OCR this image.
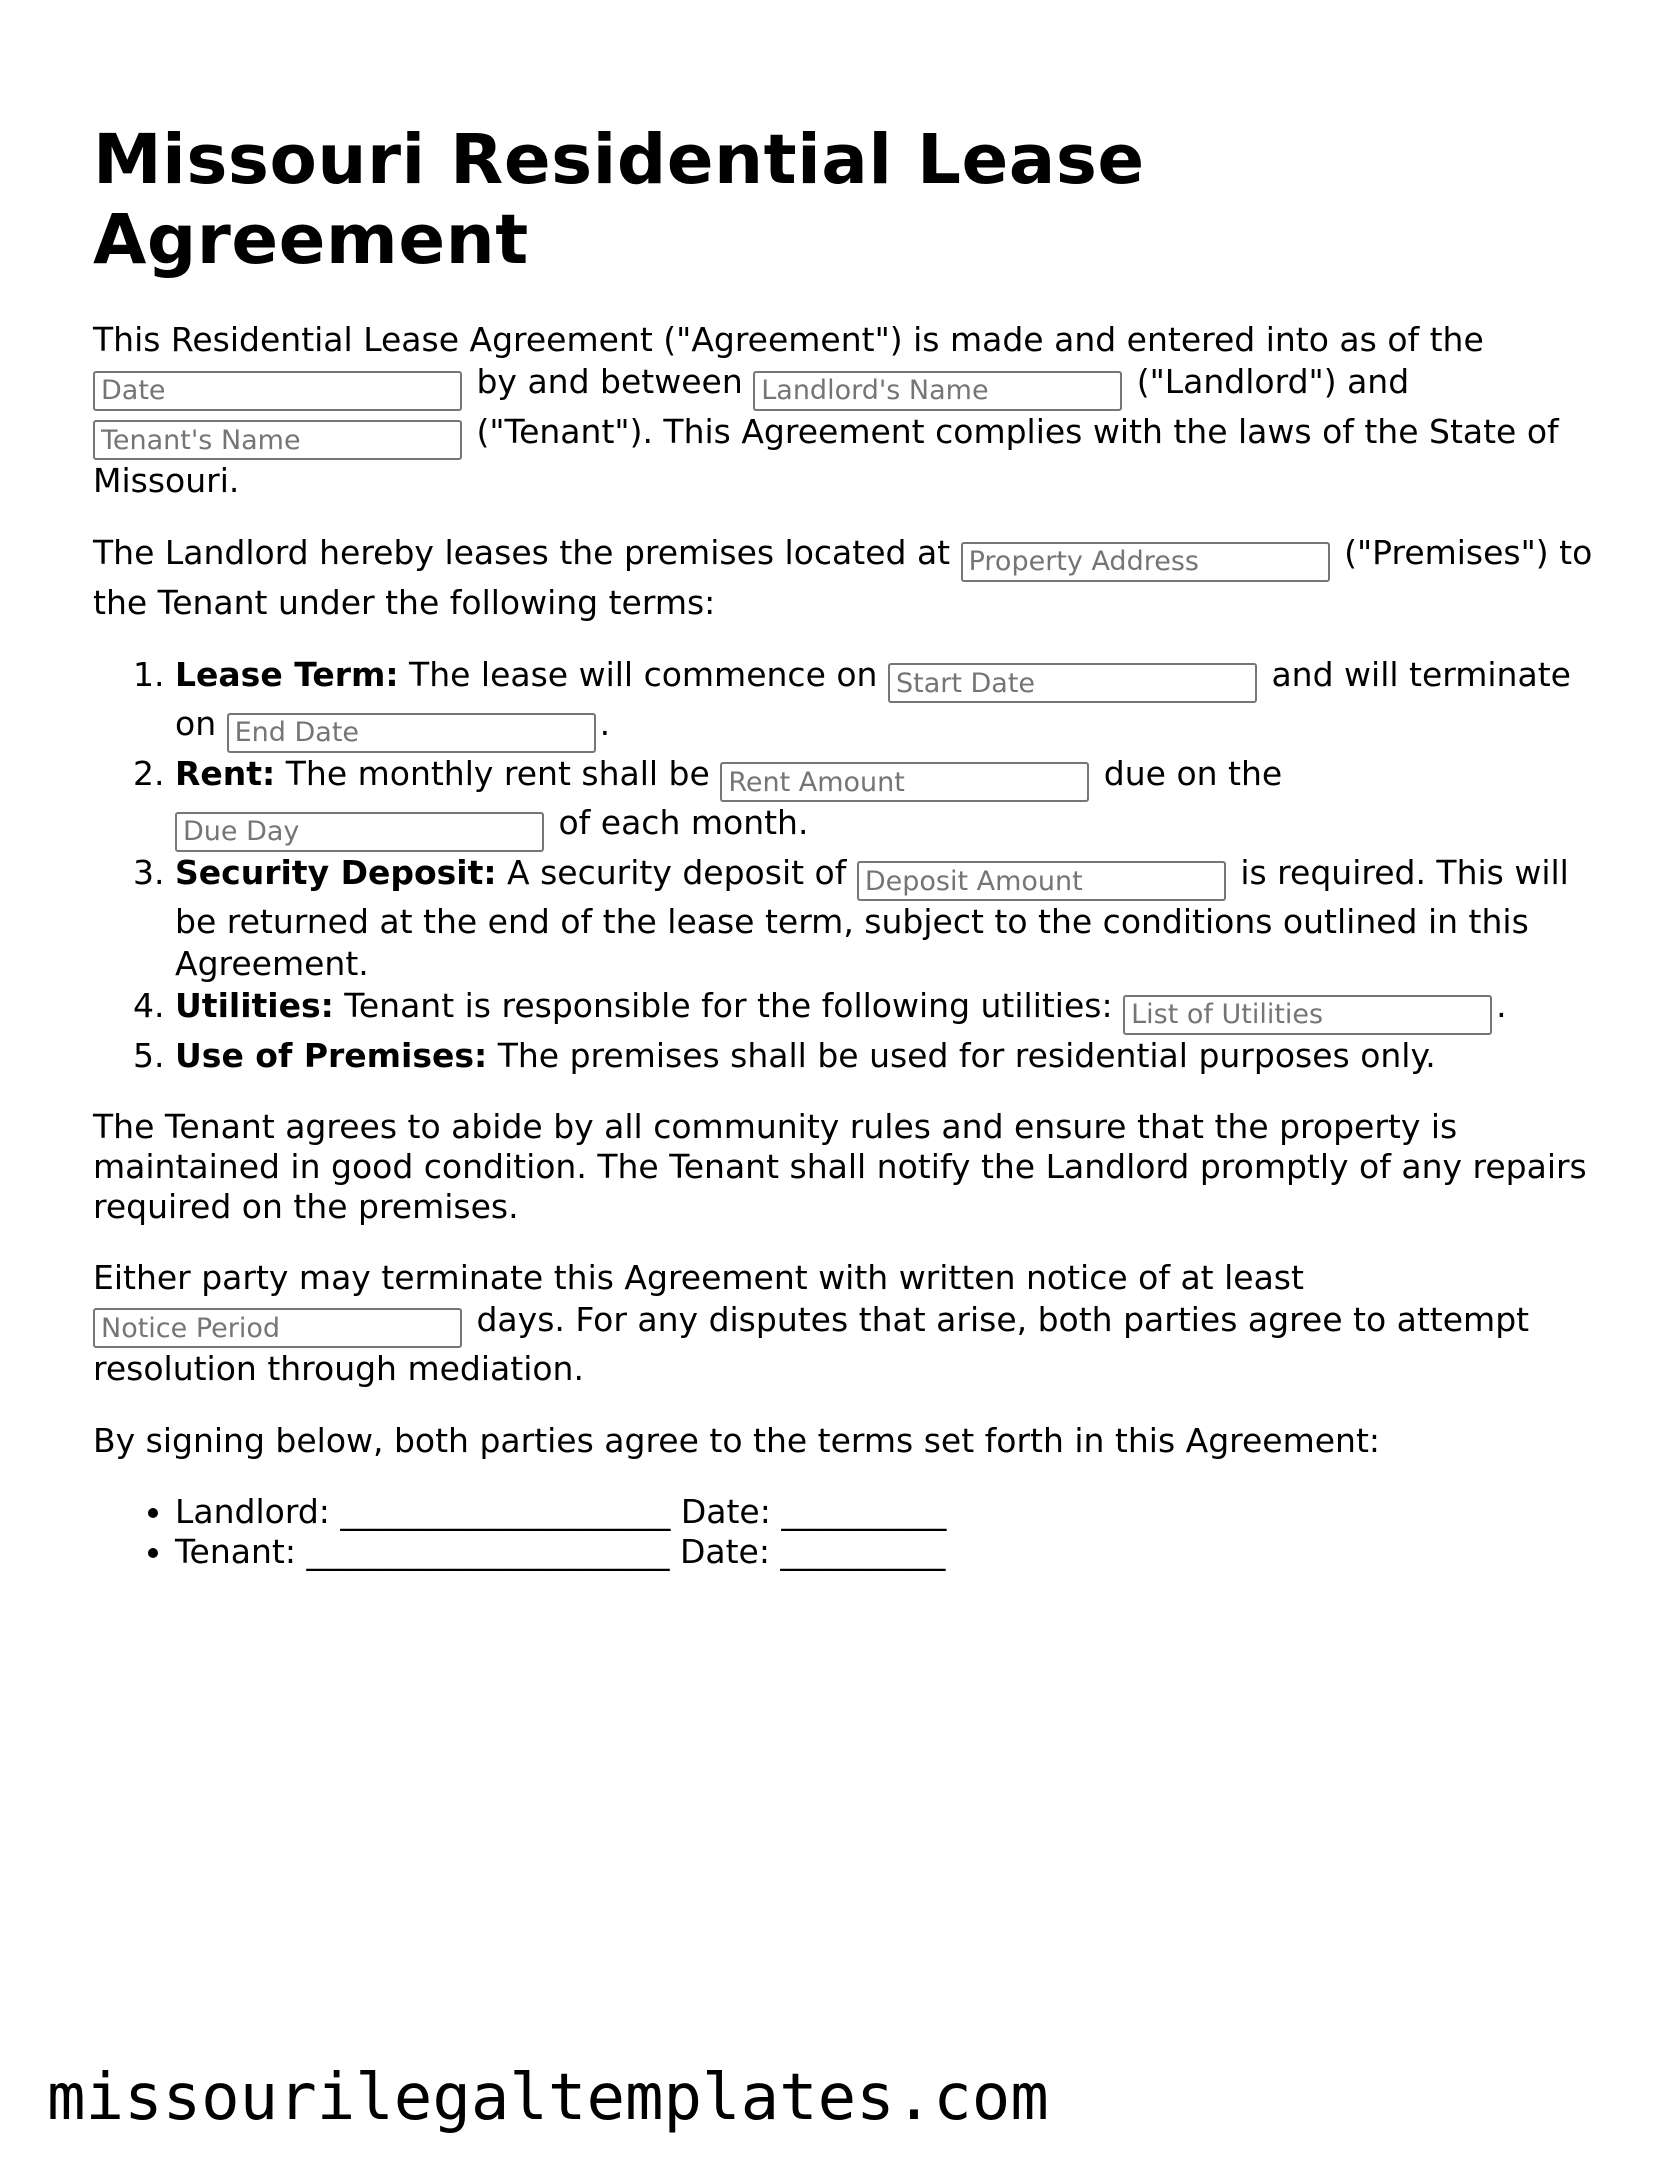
Missouri Residential Lease Agreement

This Residential Lease Agreement ("Agreement") is made and entered into as of the Date by and between Landlord's Name	("Landlord") and Tenant's Name ("Tenant"). This Agreement complies with the laws of the State of Missouri.

The Landlord hereby leases the premises located at Property Address	("Premises") to the Tenant under the following terms:

1. Lease Term: The lease will commence on Start Date	and will terminate on End Date	.
2. Rent: The monthly rent shall be Rent Amount	due on the Due Day of each month.
3. Security Deposit: A security deposit of Deposit Amount	is required. This will be returned at the end of the lease term, subject to the conditions outlined in this Agreement.
4. Utilities: Tenant is responsible for the following utilities: List of Utilities	.
5. Use of Premises: The premises shall be used for residential purposes only.

The Tenant agrees to abide by all community rules and ensure that the property is maintained in good condition. The Tenant shall notify the Landlord promptly of any repairs required on the premises.

Either party may terminate this Agreement with written notice of at least Notice Period days. For any disputes that arise, both parties agree to attempt resolution through mediation.

By signing below, both parties agree to the terms set forth in this Agreement:

• Landlord: ____________________ Date: __________
• Tenant: ______________________ Date: __________
missourilegaltemplates.com
